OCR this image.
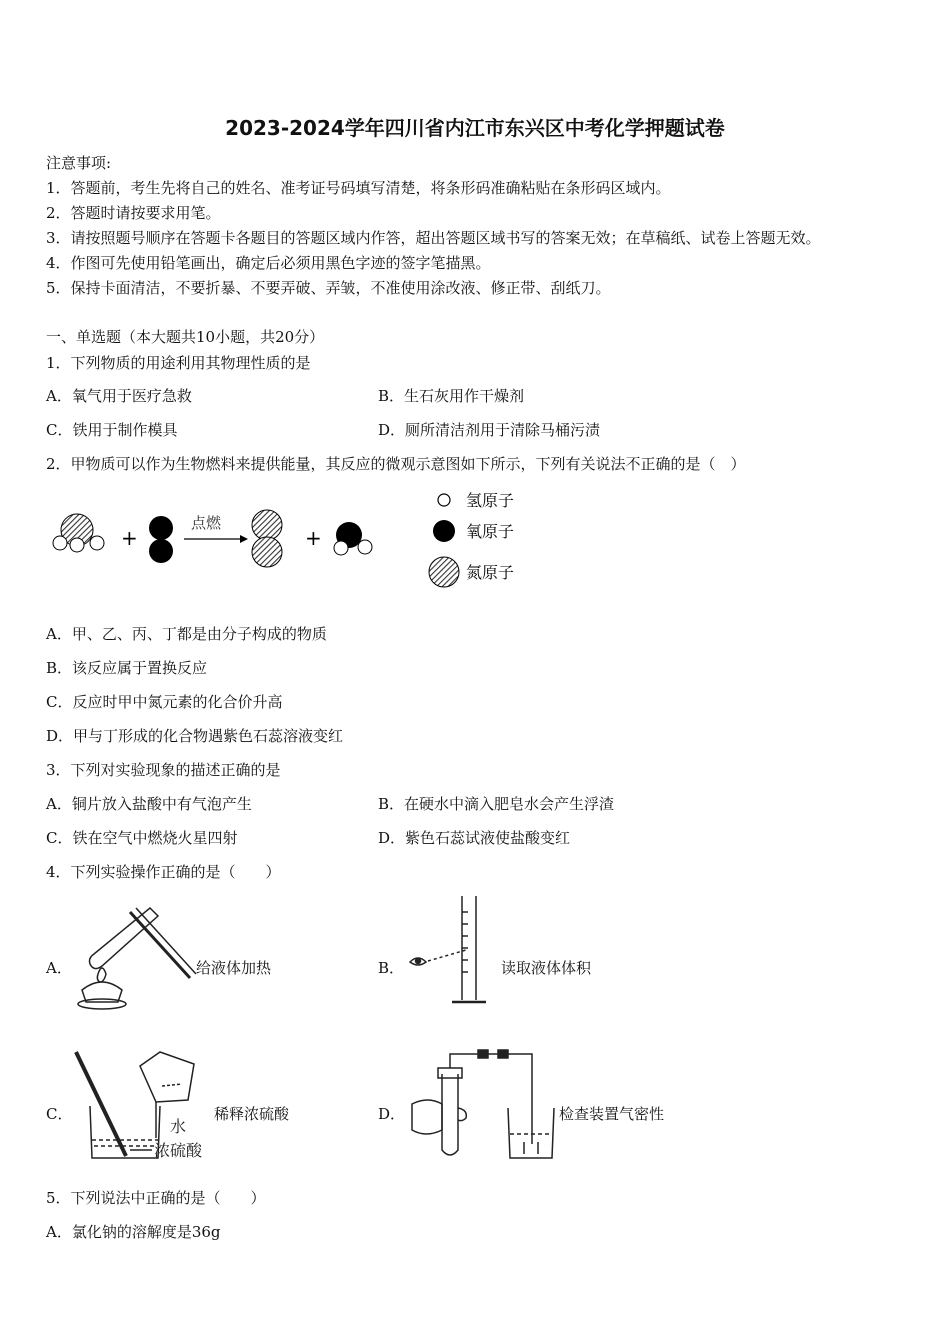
2023-2024学年四川省内江市东兴区中考化学押题试卷
注意事项:
1．答题前，考生先将自己的姓名、准考证号码填写清楚，将条形码准确粘贴在条形码区域内。
2．答题时请按要求用笔。
3．请按照题号顺序在答题卡各题目的答题区域内作答，超出答题区域书写的答案无效；在草稿纸、试卷上答题无效。
4．作图可先使用铅笔画出，确定后必须用黑色字迹的签字笔描黑。
5．保持卡面清洁，不要折暴、不要弄破、弄皱，不准使用涂改液、修正带、刮纸刀。
一、单选题（本大题共10小题，共20分）
1．下列物质的用途利用其物理性质的是
A．氧气用于医疗急救	B．生石灰用作干燥剂
C．铁用于制作模具	D．厕所清洁剂用于清除马桶污渍
2．甲物质可以作为生物燃料来提供能量，其反应的微观示意图如下所示，下列有关说法不正确的是（　）
+
点燃
+
氢原子
氧原子
氮原子
A．甲、乙、丙、丁都是由分子构成的物质
B．该反应属于置换反应
C．反应时甲中氮元素的化合价升高
D．甲与丁形成的化合物遇紫色石蕊溶液变红
3．下列对实验现象的描述正确的是
A．铜片放入盐酸中有气泡产生	B．在硬水中滴入肥皂水会产生浮渣
C．铁在空气中燃烧火星四射	D．紫色石蕊试液使盐酸变红
4．下列实验操作正确的是（　　）
A．	给液体加热	B．	读取液体体积
C．
水
浓硫酸
稀释浓硫酸	D．	检查装置气密性
5．下列说法中正确的是（　　）
A．氯化钠的溶解度是36g
